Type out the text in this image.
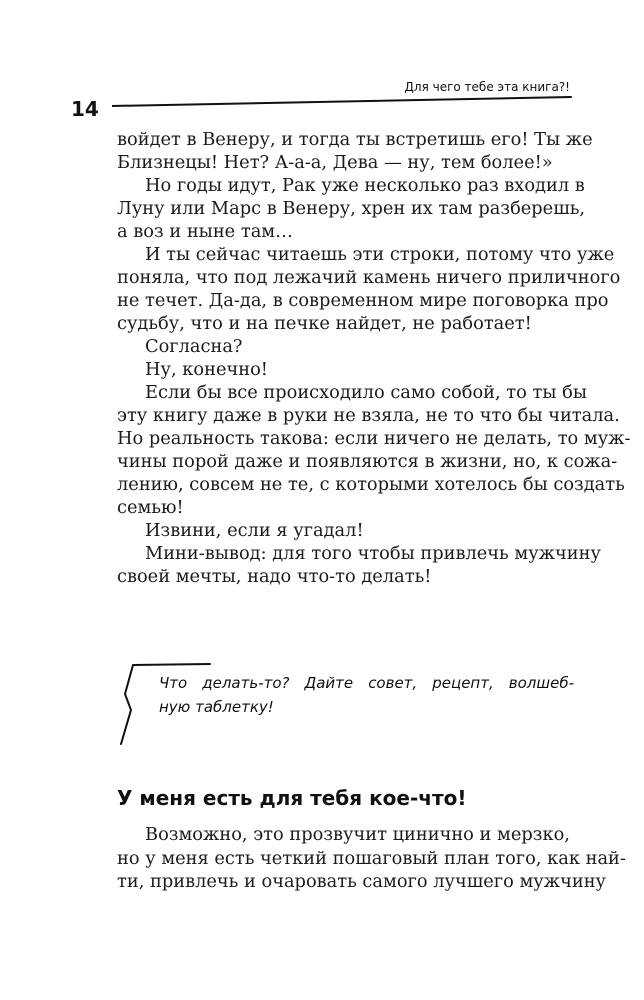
14
Для чего тебе эта книга?!

войдет в Венеру, и тогда ты встретишь его! Ты же
Близнецы! Нет? А-а-а, Дева — ну, тем более!»

Но годы идут, Рак уже несколько раз входил в
Луну или Марс в Венеру, хрен их там разберешь,
а воз и ныне там…

И ты сейчас читаешь эти строки, потому что уже
поняла, что под лежачий камень ничего приличного
не течет. Да-да, в современном мире поговорка про
судьбу, что и на печке найдет, не работает!

Согласна?

Ну, конечно!

Если бы все происходило само собой, то ты бы
эту книгу даже в руки не взяла, не то что бы читала.
Но реальность такова: если ничего не делать, то муж-
чины порой даже и появляются в жизни, но, к сожа-
лению, совсем не те, с которыми хотелось бы создать
семью!

Извини, если я угадал!

Мини-вывод: для того чтобы привлечь мужчину
своей мечты, надо что-то делать!

Что делать-то? Дайте совет, рецепт, волшеб-
ную таблетку!
У меня есть для тебя кое-что!

Возможно, это прозвучит цинично и мерзко,
но у меня есть четкий пошаговый план того, как най-
ти, привлечь и очаровать самого лучшего мужчину
